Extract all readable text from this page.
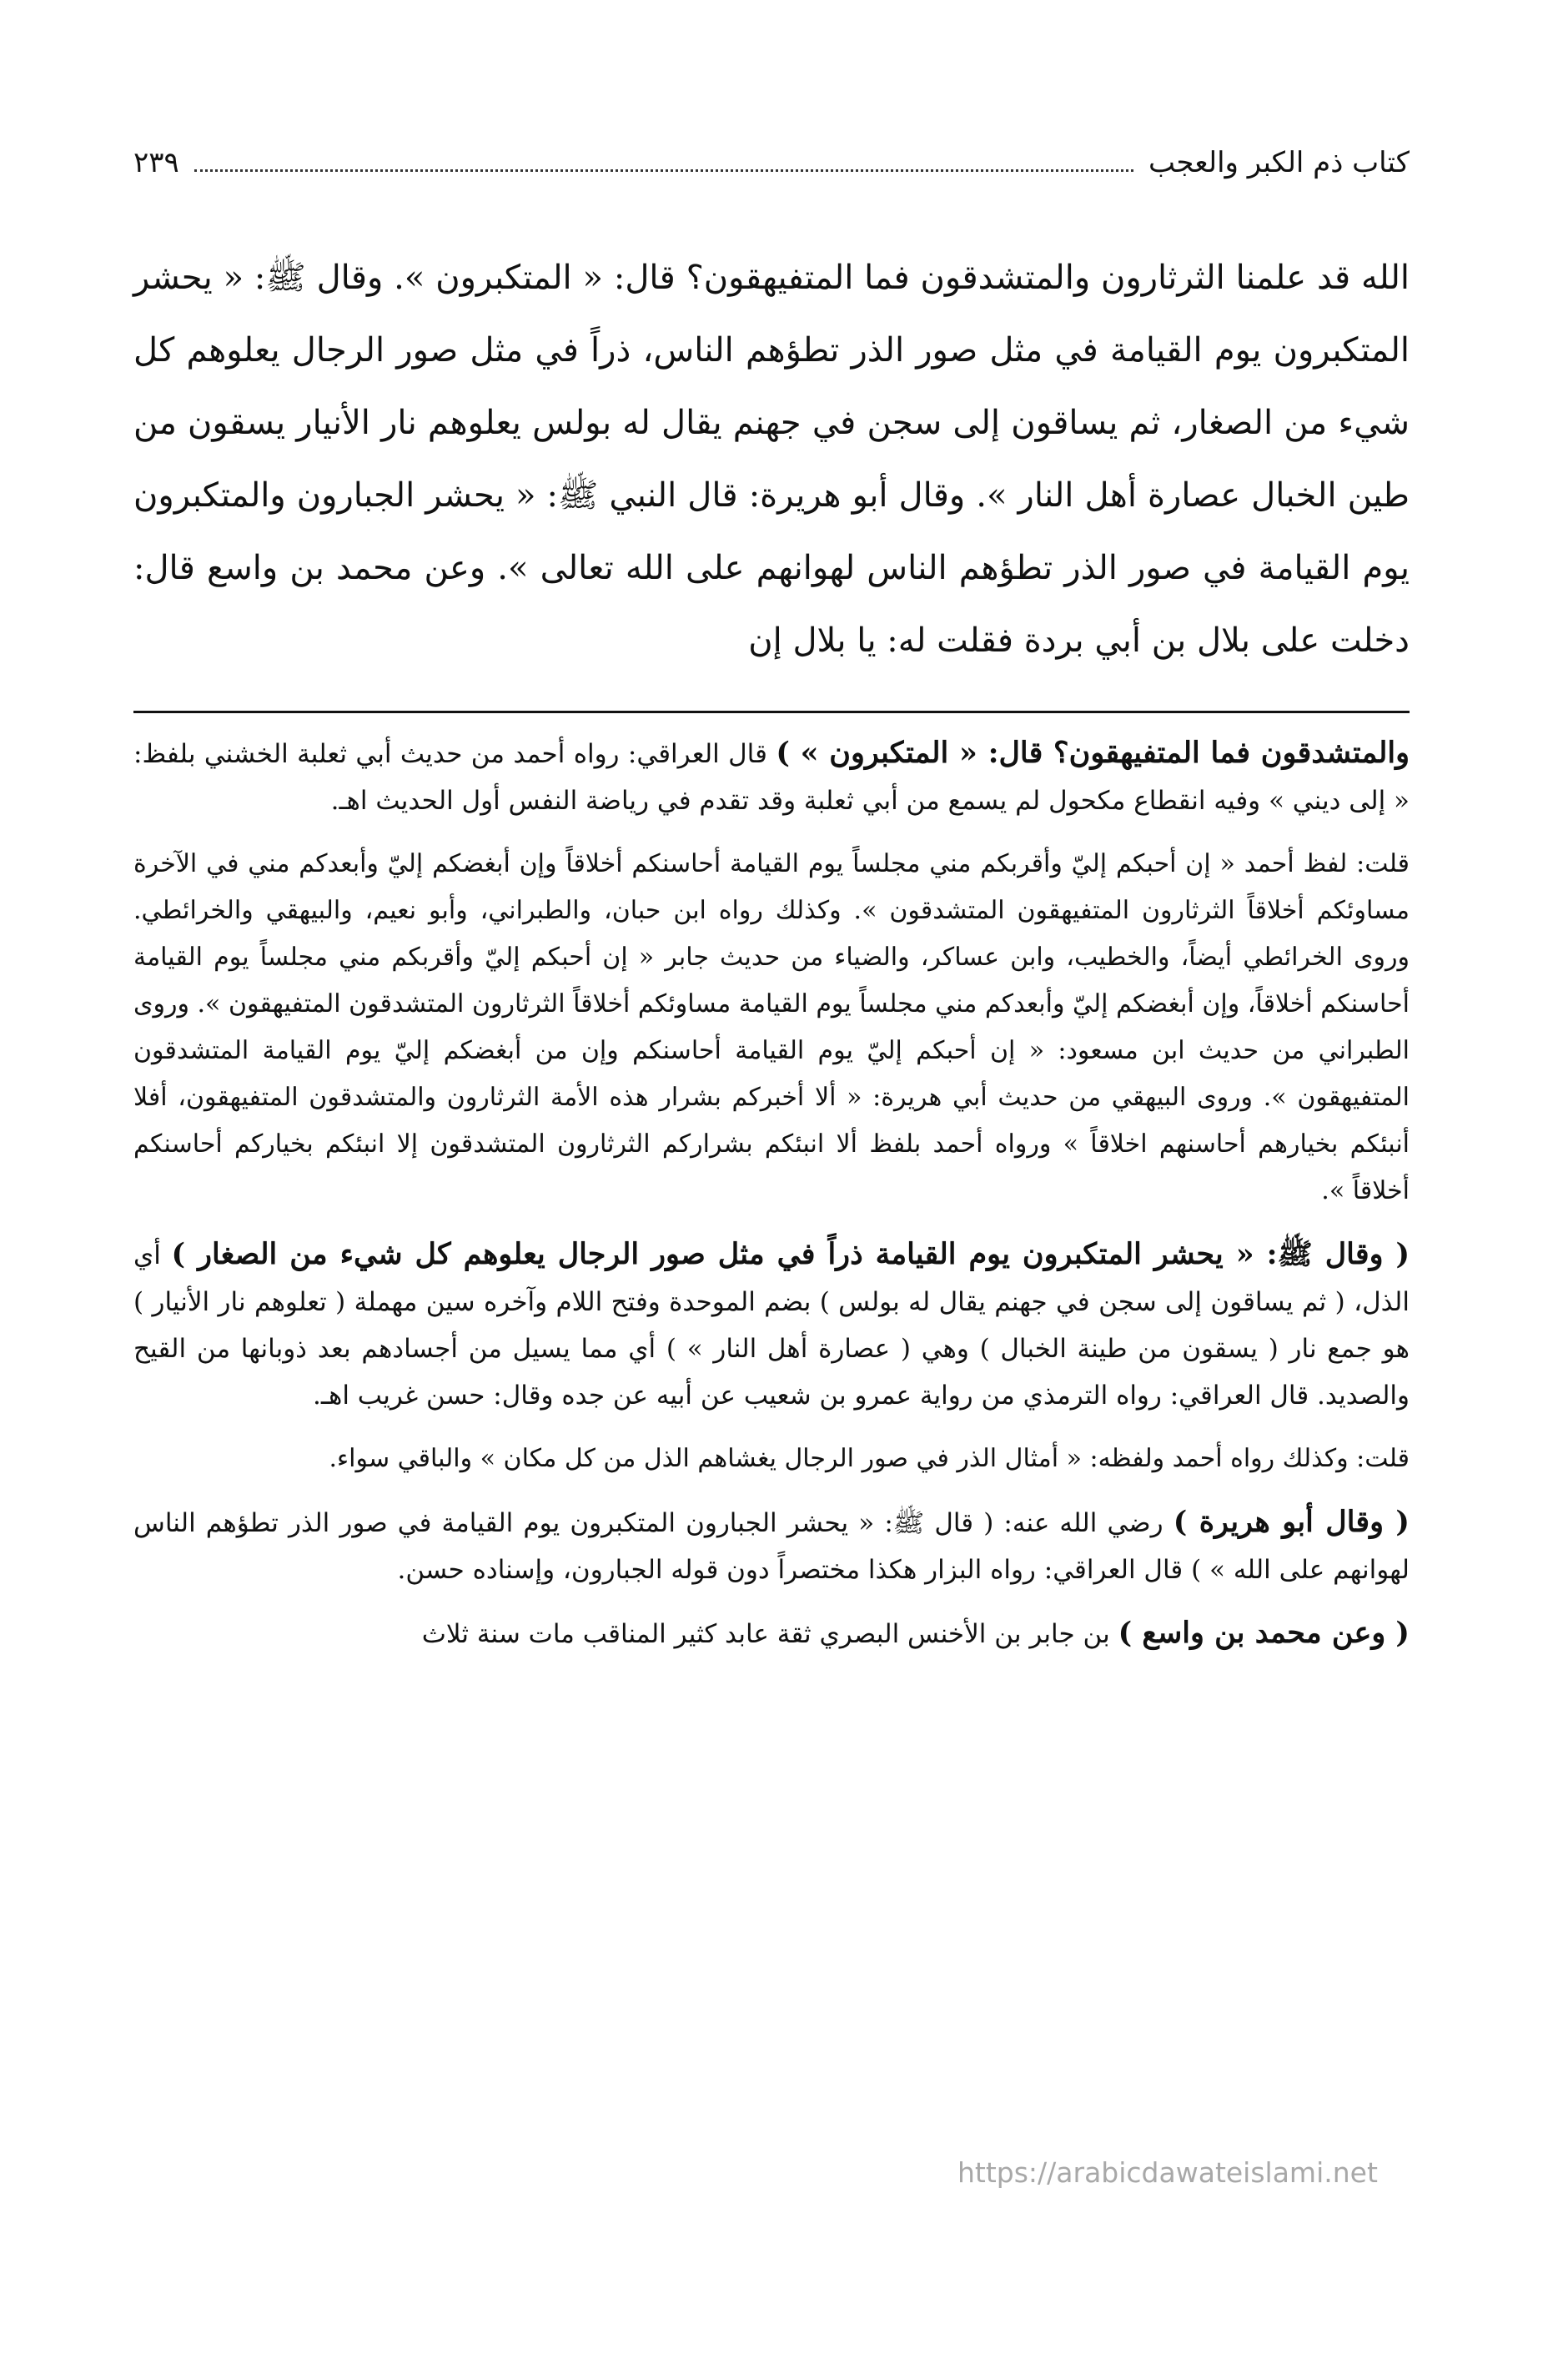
كتاب ذم الكبر والعجب
٢٣٩
الله قد علمنا الثرثارون والمتشدقون فما المتفيهقون؟ قال: « المتكبرون ». وقال ﷺ: « يحشر المتكبرون يوم القيامة في مثل صور الذر تطؤهم الناس، ذراً في مثل صور الرجال يعلوهم كل شيء من الصغار، ثم يساقون إلى سجن في جهنم يقال له بولس يعلوهم نار الأنيار يسقون من طين الخبال عصارة أهل النار ». وقال أبو هريرة: قال النبي ﷺ: « يحشر الجبارون والمتكبرون يوم القيامة في صور الذر تطؤهم الناس لهوانهم على الله تعالى ». وعن محمد بن واسع قال: دخلت على بلال بن أبي بردة فقلت له: يا بلال إن

والمتشدقون فما المتفيهقون؟ قال: « المتكبرون » ) قال العراقي: رواه أحمد من حديث أبي ثعلبة الخشني بلفظ: « إلى ديني » وفيه انقطاع مكحول لم يسمع من أبي ثعلبة وقد تقدم في رياضة النفس أول الحديث اهـ.

قلت: لفظ أحمد « إن أحبكم إليّ وأقربكم مني مجلساً يوم القيامة أحاسنكم أخلاقاً وإن أبغضكم إليّ وأبعدكم مني في الآخرة مساوئكم أخلاقاً الثرثارون المتفيهقون المتشدقون ». وكذلك رواه ابن حبان، والطبراني، وأبو نعيم، والبيهقي والخرائطي. وروى الخرائطي أيضاً، والخطيب، وابن عساكر، والضياء من حديث جابر « إن أحبكم إليّ وأقربكم مني مجلساً يوم القيامة أحاسنكم أخلاقاً، وإن أبغضكم إليّ وأبعدكم مني مجلساً يوم القيامة مساوئكم أخلاقاً الثرثارون المتشدقون المتفيهقون ». وروى الطبراني من حديث ابن مسعود: « إن أحبكم إليّ يوم القيامة أحاسنكم وإن من أبغضكم إليّ يوم القيامة المتشدقون المتفيهقون ». وروى البيهقي من حديث أبي هريرة: « ألا أخبركم بشرار هذه الأمة الثرثارون والمتشدقون المتفيهقون، أفلا أنبئكم بخيارهم أحاسنهم اخلاقاً » ورواه أحمد بلفظ ألا انبئكم بشراركم الثرثارون المتشدقون إلا انبئكم بخياركم أحاسنكم أخلاقاً ».

( وقال ﷺ: « يحشر المتكبرون يوم القيامة ذراً في مثل صور الرجال يعلوهم كل شيء من الصغار ) أي الذل، ( ثم يساقون إلى سجن في جهنم يقال له بولس ) بضم الموحدة وفتح اللام وآخره سين مهملة ( تعلوهم نار الأنيار ) هو جمع نار ( يسقون من طينة الخبال ) وهي ( عصارة أهل النار » ) أي مما يسيل من أجسادهم بعد ذوبانها من القيح والصديد. قال العراقي: رواه الترمذي من رواية عمرو بن شعيب عن أبيه عن جده وقال: حسن غريب اهـ.

قلت: وكذلك رواه أحمد ولفظه: « أمثال الذر في صور الرجال يغشاهم الذل من كل مكان » والباقي سواء.

( وقال أبو هريرة ) رضي الله عنه: ( قال ﷺ: « يحشر الجبارون المتكبرون يوم القيامة في صور الذر تطؤهم الناس لهوانهم على الله » ) قال العراقي: رواه البزار هكذا مختصراً دون قوله الجبارون، وإسناده حسن.

( وعن محمد بن واسع ) بن جابر بن الأخنس البصري ثقة عابد كثير المناقب مات سنة ثلاث

https://arabicdawateislami.net
